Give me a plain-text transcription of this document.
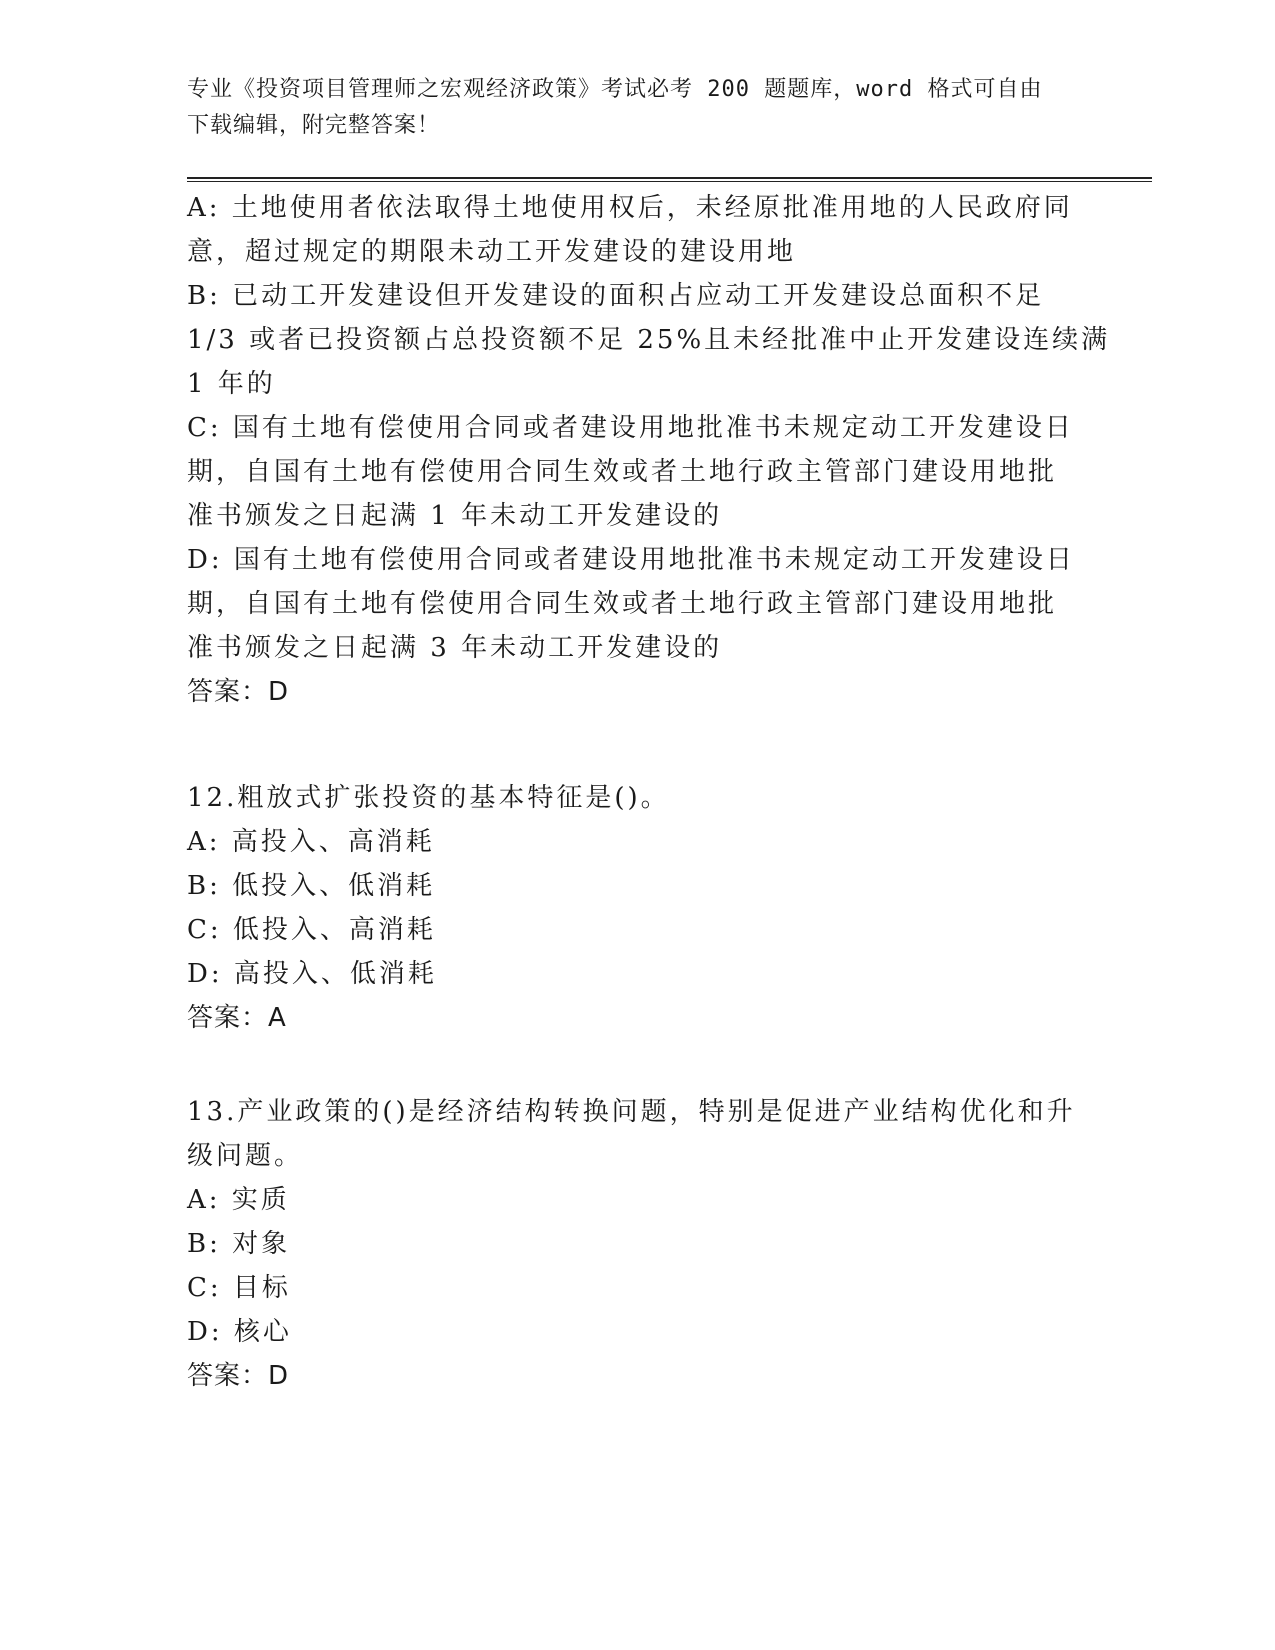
专业《投资项目管理师之宏观经济政策》考试必考 200 题题库，word 格式可自由
下载编辑，附完整答案！
A: 土地使用者依法取得土地使用权后，未经原批准用地的人民政府同
意，超过规定的期限未动工开发建设的建设用地
B: 已动工开发建设但开发建设的面积占应动工开发建设总面积不足
1/3 或者已投资额占总投资额不足 25%且未经批准中止开发建设连续满
1 年的
C: 国有土地有偿使用合同或者建设用地批准书未规定动工开发建设日
期，自国有土地有偿使用合同生效或者土地行政主管部门建设用地批
准书颁发之日起满 1 年未动工开发建设的
D: 国有土地有偿使用合同或者建设用地批准书未规定动工开发建设日
期，自国有土地有偿使用合同生效或者土地行政主管部门建设用地批
准书颁发之日起满 3 年未动工开发建设的
答案：D
12.粗放式扩张投资的基本特征是()。
A: 高投入、高消耗
B: 低投入、低消耗
C: 低投入、高消耗
D: 高投入、低消耗
答案：A
13.产业政策的()是经济结构转换问题，特别是促进产业结构优化和升
级问题。
A: 实质
B: 对象
C: 目标
D: 核心
答案：D
